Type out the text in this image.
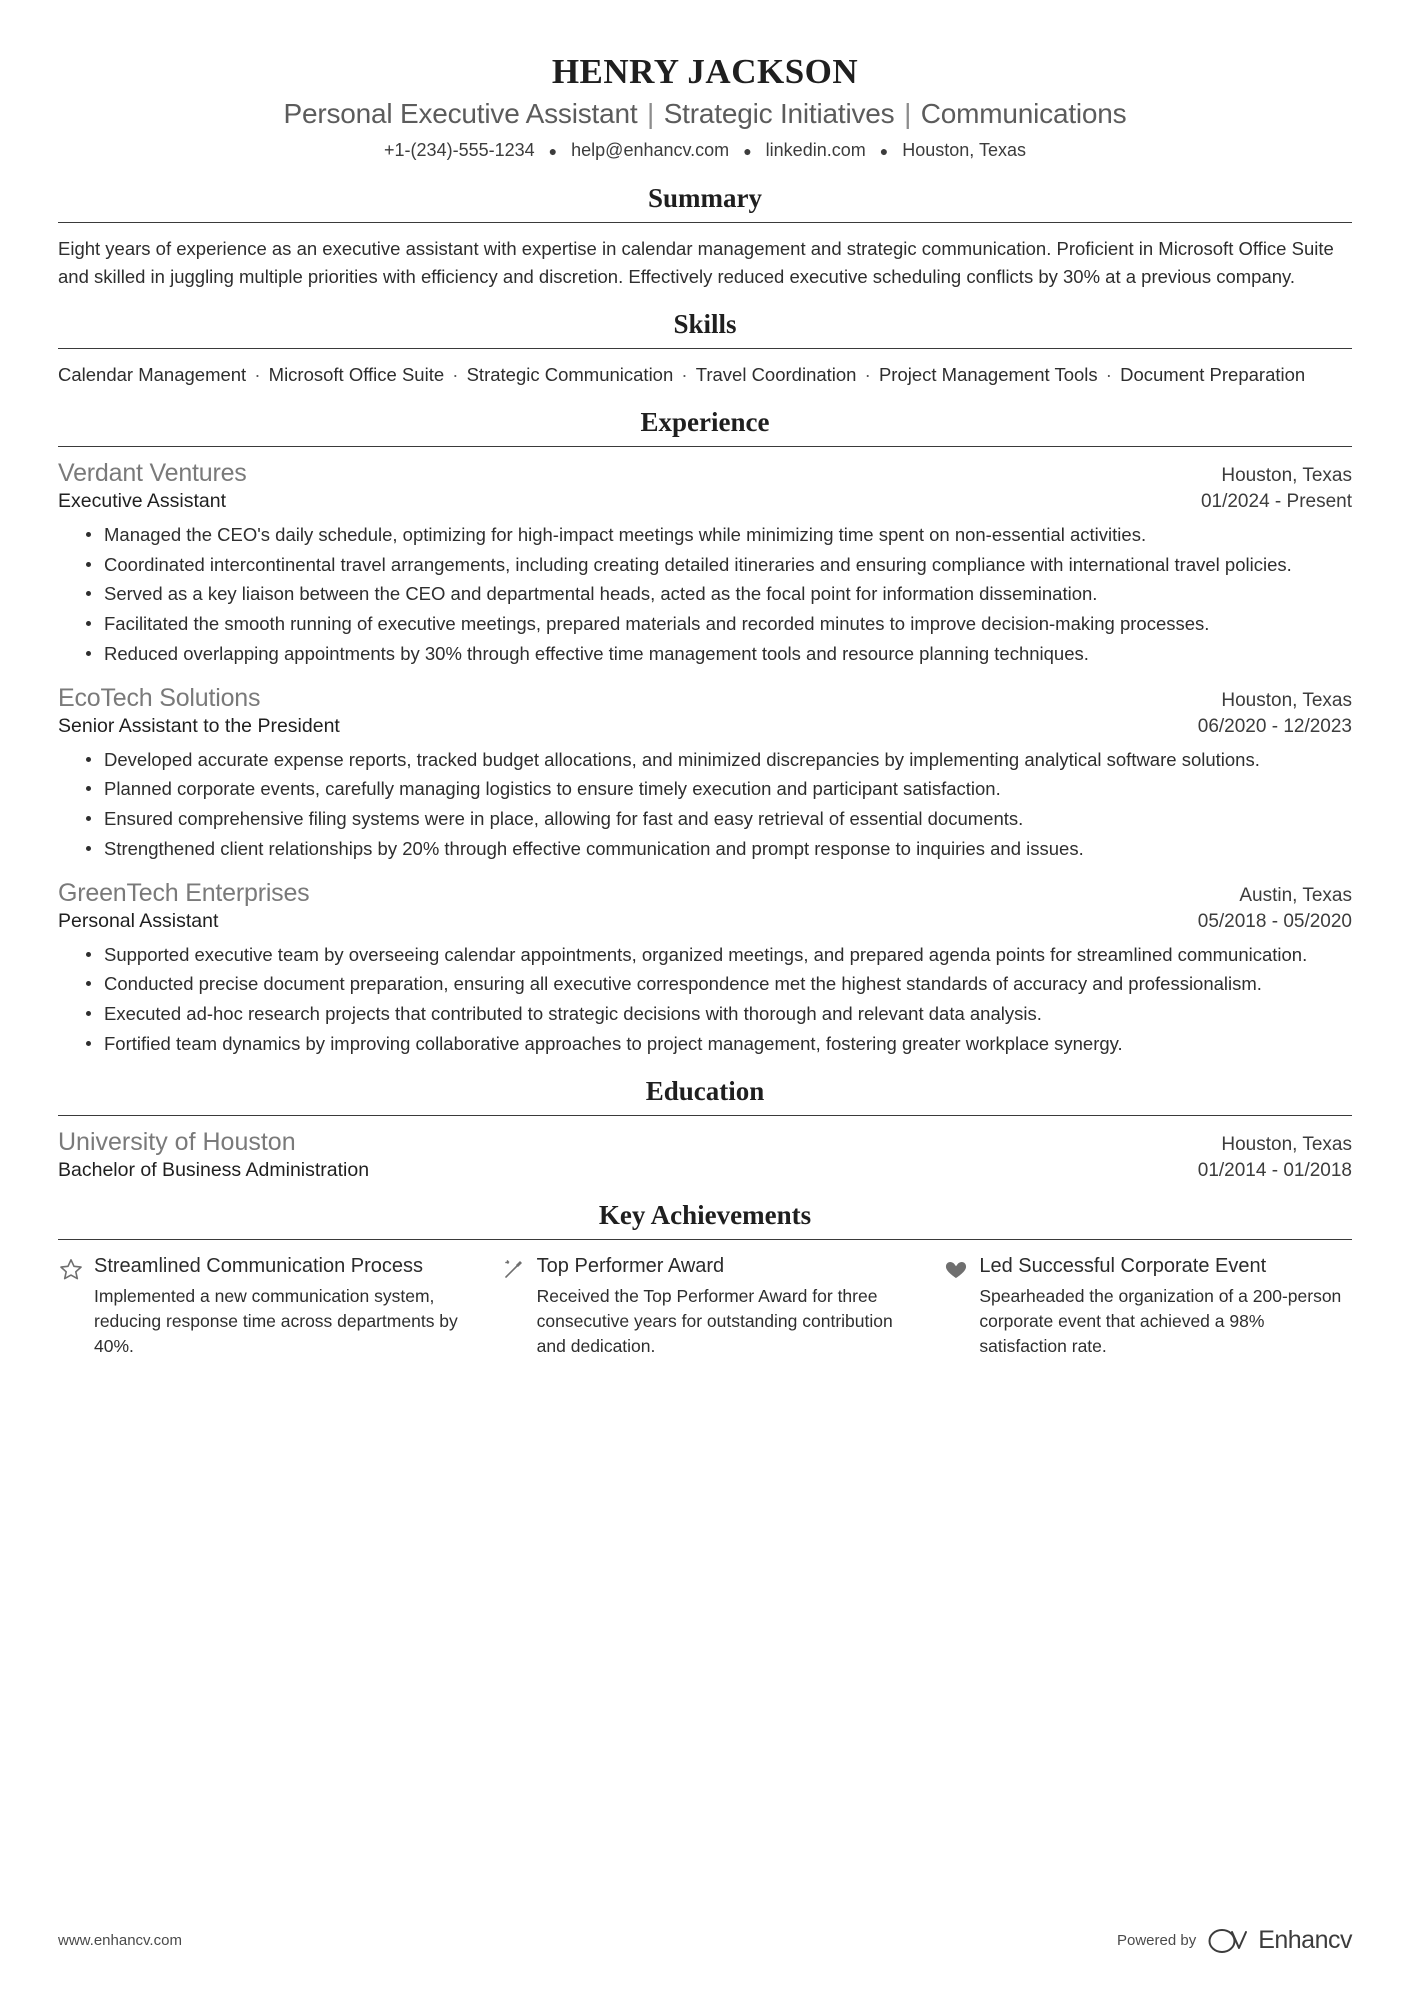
HENRY JACKSON
Personal Executive Assistant | Strategic Initiatives | Communications
+1-(234)-555-1234 ● help@enhancv.com ● linkedin.com ● Houston, Texas
Summary

Eight years of experience as an executive assistant with expertise in calendar management and strategic communication. Proficient in Microsoft Office Suite and skilled in juggling multiple priorities with efficiency and discretion. Effectively reduced executive scheduling conflicts by 30% at a previous company.

Skills

Calendar Management · Microsoft Office Suite · Strategic Communication · Travel Coordination · Project Management Tools · Document Preparation

Experience
Verdant Ventures	Houston, Texas
Executive Assistant	01/2024 - Present
Managed the CEO's daily schedule, optimizing for high-impact meetings while minimizing time spent on non-essential activities.
Coordinated intercontinental travel arrangements, including creating detailed itineraries and ensuring compliance with international travel policies.
Served as a key liaison between the CEO and departmental heads, acted as the focal point for information dissemination.
Facilitated the smooth running of executive meetings, prepared materials and recorded minutes to improve decision-making processes.
Reduced overlapping appointments by 30% through effective time management tools and resource planning techniques.
EcoTech Solutions	Houston, Texas
Senior Assistant to the President	06/2020 - 12/2023
Developed accurate expense reports, tracked budget allocations, and minimized discrepancies by implementing analytical software solutions.
Planned corporate events, carefully managing logistics to ensure timely execution and participant satisfaction.
Ensured comprehensive filing systems were in place, allowing for fast and easy retrieval of essential documents.
Strengthened client relationships by 20% through effective communication and prompt response to inquiries and issues.
GreenTech Enterprises	Austin, Texas
Personal Assistant	05/2018 - 05/2020
Supported executive team by overseeing calendar appointments, organized meetings, and prepared agenda points for streamlined communication.
Conducted precise document preparation, ensuring all executive correspondence met the highest standards of accuracy and professionalism.
Executed ad-hoc research projects that contributed to strategic decisions with thorough and relevant data analysis.
Fortified team dynamics by improving collaborative approaches to project management, fostering greater workplace synergy.
Education
University of Houston	Houston, Texas
Bachelor of Business Administration	01/2014 - 01/2018
Key Achievements

Streamlined Communication Process

Implemented a new communication system, reducing response time across departments by 40%.

Top Performer Award

Received the Top Performer Award for three consecutive years for outstanding contribution and dedication.

Led Successful Corporate Event

Spearheaded the organization of a 200-person corporate event that achieved a 98% satisfaction rate.

www.enhancv.com	Powered by Enhancv
